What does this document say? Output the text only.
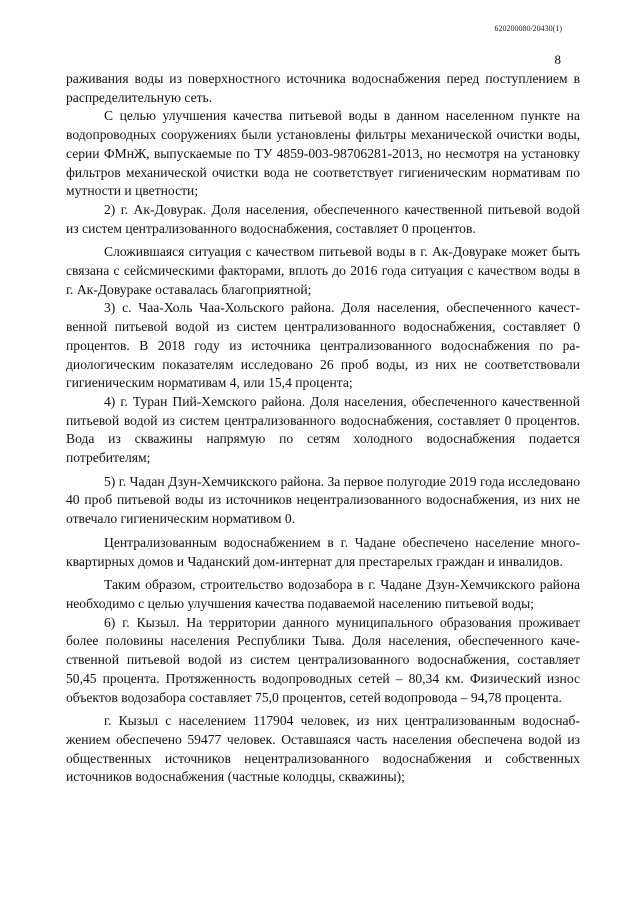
620200080/20430(1)
8

раживания воды из поверхностного источника водоснабжения перед поступлением в распределительную сеть.

С целью улучшения качества питьевой воды в данном населенном пункте на водопроводных сооружениях были установлены фильтры механической очистки воды, серии ФМнЖ, выпускаемые по ТУ 4859-003-98706281-2013, но несмотря на установку фильтров механической очистки вода не соответствует гигиеническим нормативам по мутности и цветности;

2) г. Ак-Довурак. Доля населения, обеспеченного качественной питьевой водой из систем централизованного водоснабжения, составляет 0 процентов.

Сложившаяся ситуация с качеством питьевой воды в г. Ак-Довураке может быть связана с сейсмическими факторами, вплоть до 2016 года ситуация с качеством воды в г. Ак-Довураке оставалась благоприятной;

3) с. Чаа-Холь Чаа-Хольского района. Доля населения, обеспеченного качественной питьевой водой из систем централизованного водоснабжения, составляет 0 процентов. В 2018 году из источника централизованного водоснабжения по радиологическим показателям исследовано 26 проб воды, из них не соответствовали гигиеническим нормативам 4, или 15,4 процента;

4) г. Туран Пий-Хемского района. Доля населения, обеспеченного качественной питьевой водой из систем централизованного водоснабжения, составляет 0 процентов. Вода из скважины напрямую по сетям холодного водоснабжения подается потребителям;

5) г. Чадан Дзун-Хемчикского района. За первое полугодие 2019 года исследовано 40 проб питьевой воды из источников нецентрализованного водоснабжения, из них не отвечало гигиеническим нормативом 0.

Централизованным водоснабжением в г. Чадане обеспечено население многоквартирных домов и Чаданский дом-интернат для престарелых граждан и инвалидов.

Таким образом, строительство водозабора в г. Чадане Дзун-Хемчикского района необходимо с целью улучшения качества подаваемой населению питьевой воды;

6) г. Кызыл. На территории данного муниципального образования проживает более половины населения Республики Тыва. Доля населения, обеспеченного качественной питьевой водой из систем централизованного водоснабжения, составляет 50,45 процента. Протяженность водопроводных сетей – 80,34 км. Физический износ объектов водозабора составляет 75,0 процентов, сетей водопровода – 94,78 процента.

г. Кызыл с населением 117904 человек, из них централизованным водоснабжением обеспечено 59477 человек. Оставшаяся часть населения обеспечена водой из общественных источников нецентрализованного водоснабжения и собственных источников водоснабжения (частные колодцы, скважины);
